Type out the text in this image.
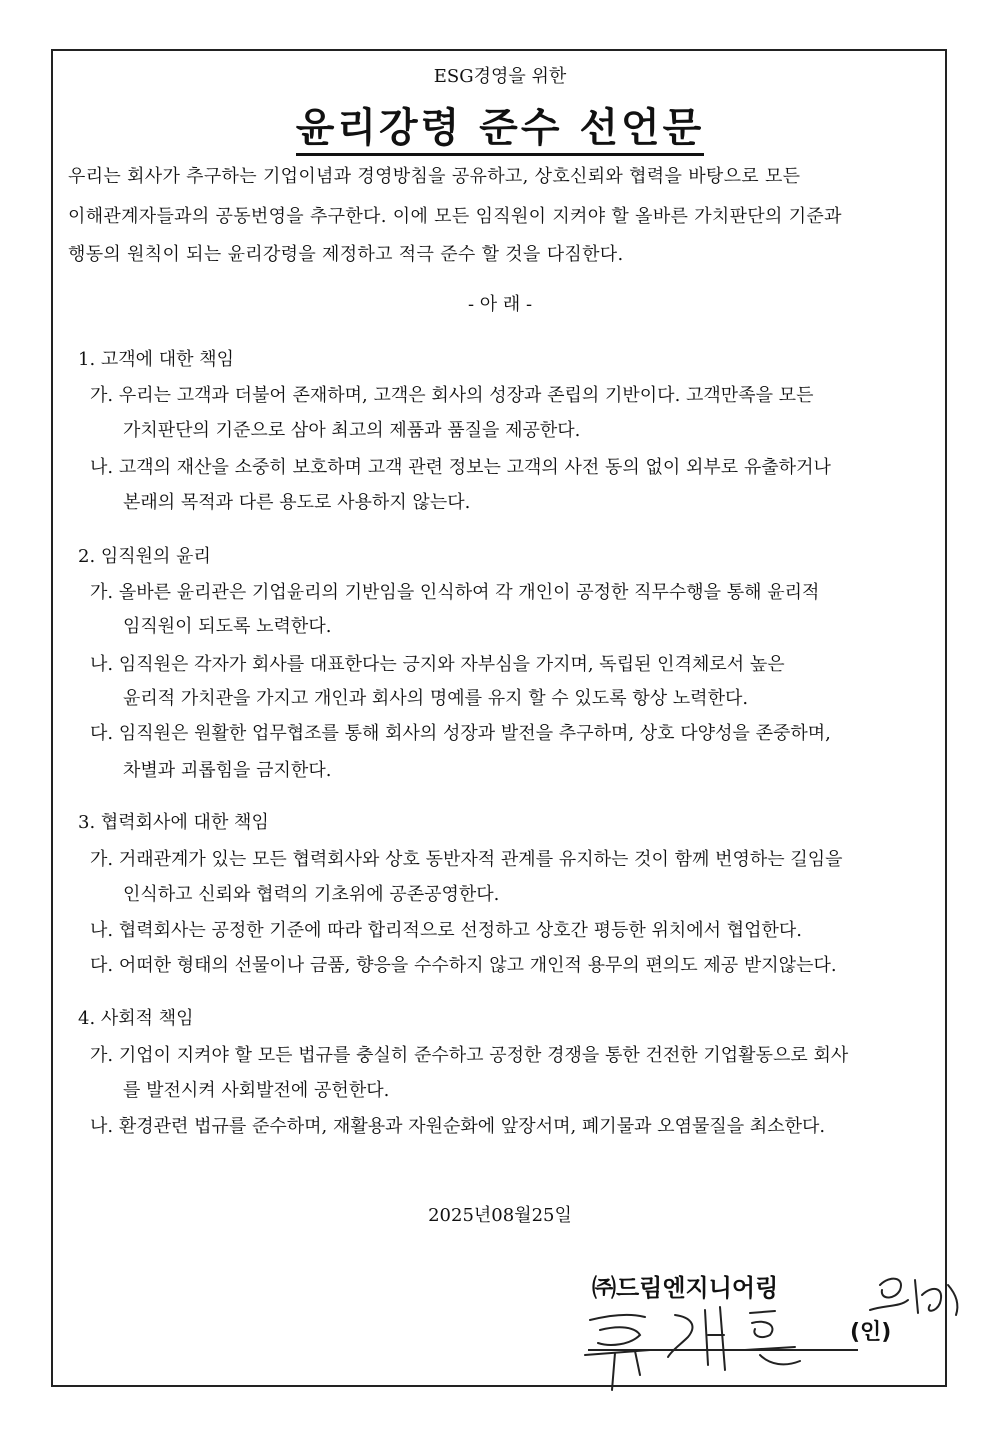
ESG경영을 위한
윤리강령 준수 선언문
우리는 회사가 추구하는 기업이념과 경영방침을 공유하고, 상호신뢰와 협력을 바탕으로 모든
이해관계자들과의 공동번영을 추구한다. 이에 모든 임직원이 지켜야 할 올바른 가치판단의 기준과
행동의 원칙이 되는 윤리강령을 제정하고 적극 준수 할 것을 다짐한다.
- 아 래 -
1. 고객에 대한 책임
가. 우리는 고객과 더불어 존재하며, 고객은 회사의 성장과 존립의 기반이다. 고객만족을 모든
가치판단의 기준으로 삼아 최고의 제품과 품질을 제공한다.
나. 고객의 재산을 소중히 보호하며 고객 관련 정보는 고객의 사전 동의 없이 외부로 유출하거나
본래의 목적과 다른 용도로 사용하지 않는다.
2. 임직원의 윤리
가. 올바른 윤리관은 기업윤리의 기반임을 인식하여 각 개인이 공정한 직무수행을 통해 윤리적
임직원이 되도록 노력한다.
나. 임직원은 각자가 회사를 대표한다는 긍지와 자부심을 가지며, 독립된 인격체로서 높은
윤리적 가치관을 가지고 개인과 회사의 명예를 유지 할 수 있도록 항상 노력한다.
다. 임직원은 원활한 업무협조를 통해 회사의 성장과 발전을 추구하며, 상호 다양성을 존중하며,
차별과 괴롭힘을 금지한다.
3. 협력회사에 대한 책임
가. 거래관계가 있는 모든 협력회사와 상호 동반자적 관계를 유지하는 것이 함께 번영하는 길임을
인식하고 신뢰와 협력의 기초위에 공존공영한다.
나. 협력회사는 공정한 기준에 따라 합리적으로 선정하고 상호간 평등한 위치에서 협업한다.
다. 어떠한 형태의 선물이나 금품, 향응을 수수하지 않고 개인적 용무의 편의도 제공 받지않는다.
4. 사회적 책임
가. 기업이 지켜야 할 모든 법규를 충실히 준수하고 공정한 경쟁을 통한 건전한 기업활동으로 회사
를 발전시켜 사회발전에 공헌한다.
나. 환경관련 법규를 준수하며, 재활용과 자원순화에 앞장서며, 폐기물과 오염물질을 최소한다.
2025년08월25일
㈜드림엔지니어링
(인)
